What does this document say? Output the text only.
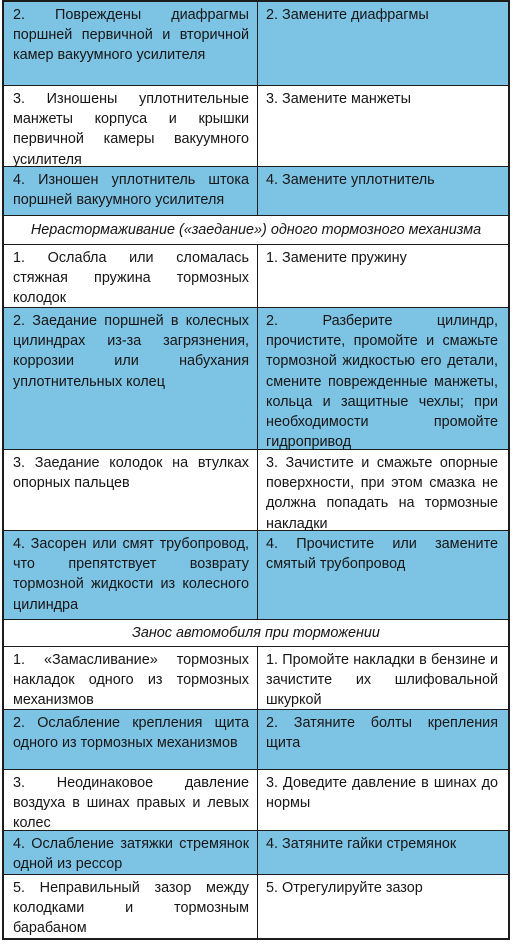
2. Повреждены диафрагмы поршней первичной и вторичной камер вакуумного усилителя
2. Замените диафрагмы
3. Изношены уплотнительные манжеты корпуса и крышки первичной камеры вакуумного усилителя
3. Замените манжеты
4. Изношен уплотнитель штока поршней вакуумного усилителя
4. Замените уплотнитель
Нерастормаживание («заедание») одного тормозного механизма
1. Ослабла или сломалась стяжная пружина тормозных колодок
1. Замените пружину
2. Заедание поршней в колесных цилиндрах из-за загрязнения, коррозии или набухания уплотнительных колец
2. Разберите цилиндр, прочистите, промойте и смажьте тормозной жидкостью его детали, смените поврежденные манжеты, кольца и защитные чехлы; при необходимости промойте гидропривод
3. Заедание колодок на втулках опорных пальцев
3. Зачистите и смажьте опорные поверхности, при этом смазка не должна попадать на тормозные накладки
4. Засорен или смят трубопровод, что препятствует возврату тормозной жидкости из колесного цилиндра
4. Прочистите или замените смятый трубопровод
Занос автомобиля при торможении
1. «Замасливание» тормозных накладок одного из тормозных механизмов
1. Промойте накладки в бензине и зачистите их шлифовальной шкуркой
2. Ослабление крепления щита одного из тормозных механизмов
2. Затяните болты крепления щита
3. Неодинаковое давление воздуха в шинах правых и левых колес
3. Доведите давление в шинах до нормы
4. Ослабление затяжки стремянок одной из рессор
4. Затяните гайки стремянок
5. Неправильный зазор между колодками и тормозным барабаном
5. Отрегулируйте зазор
